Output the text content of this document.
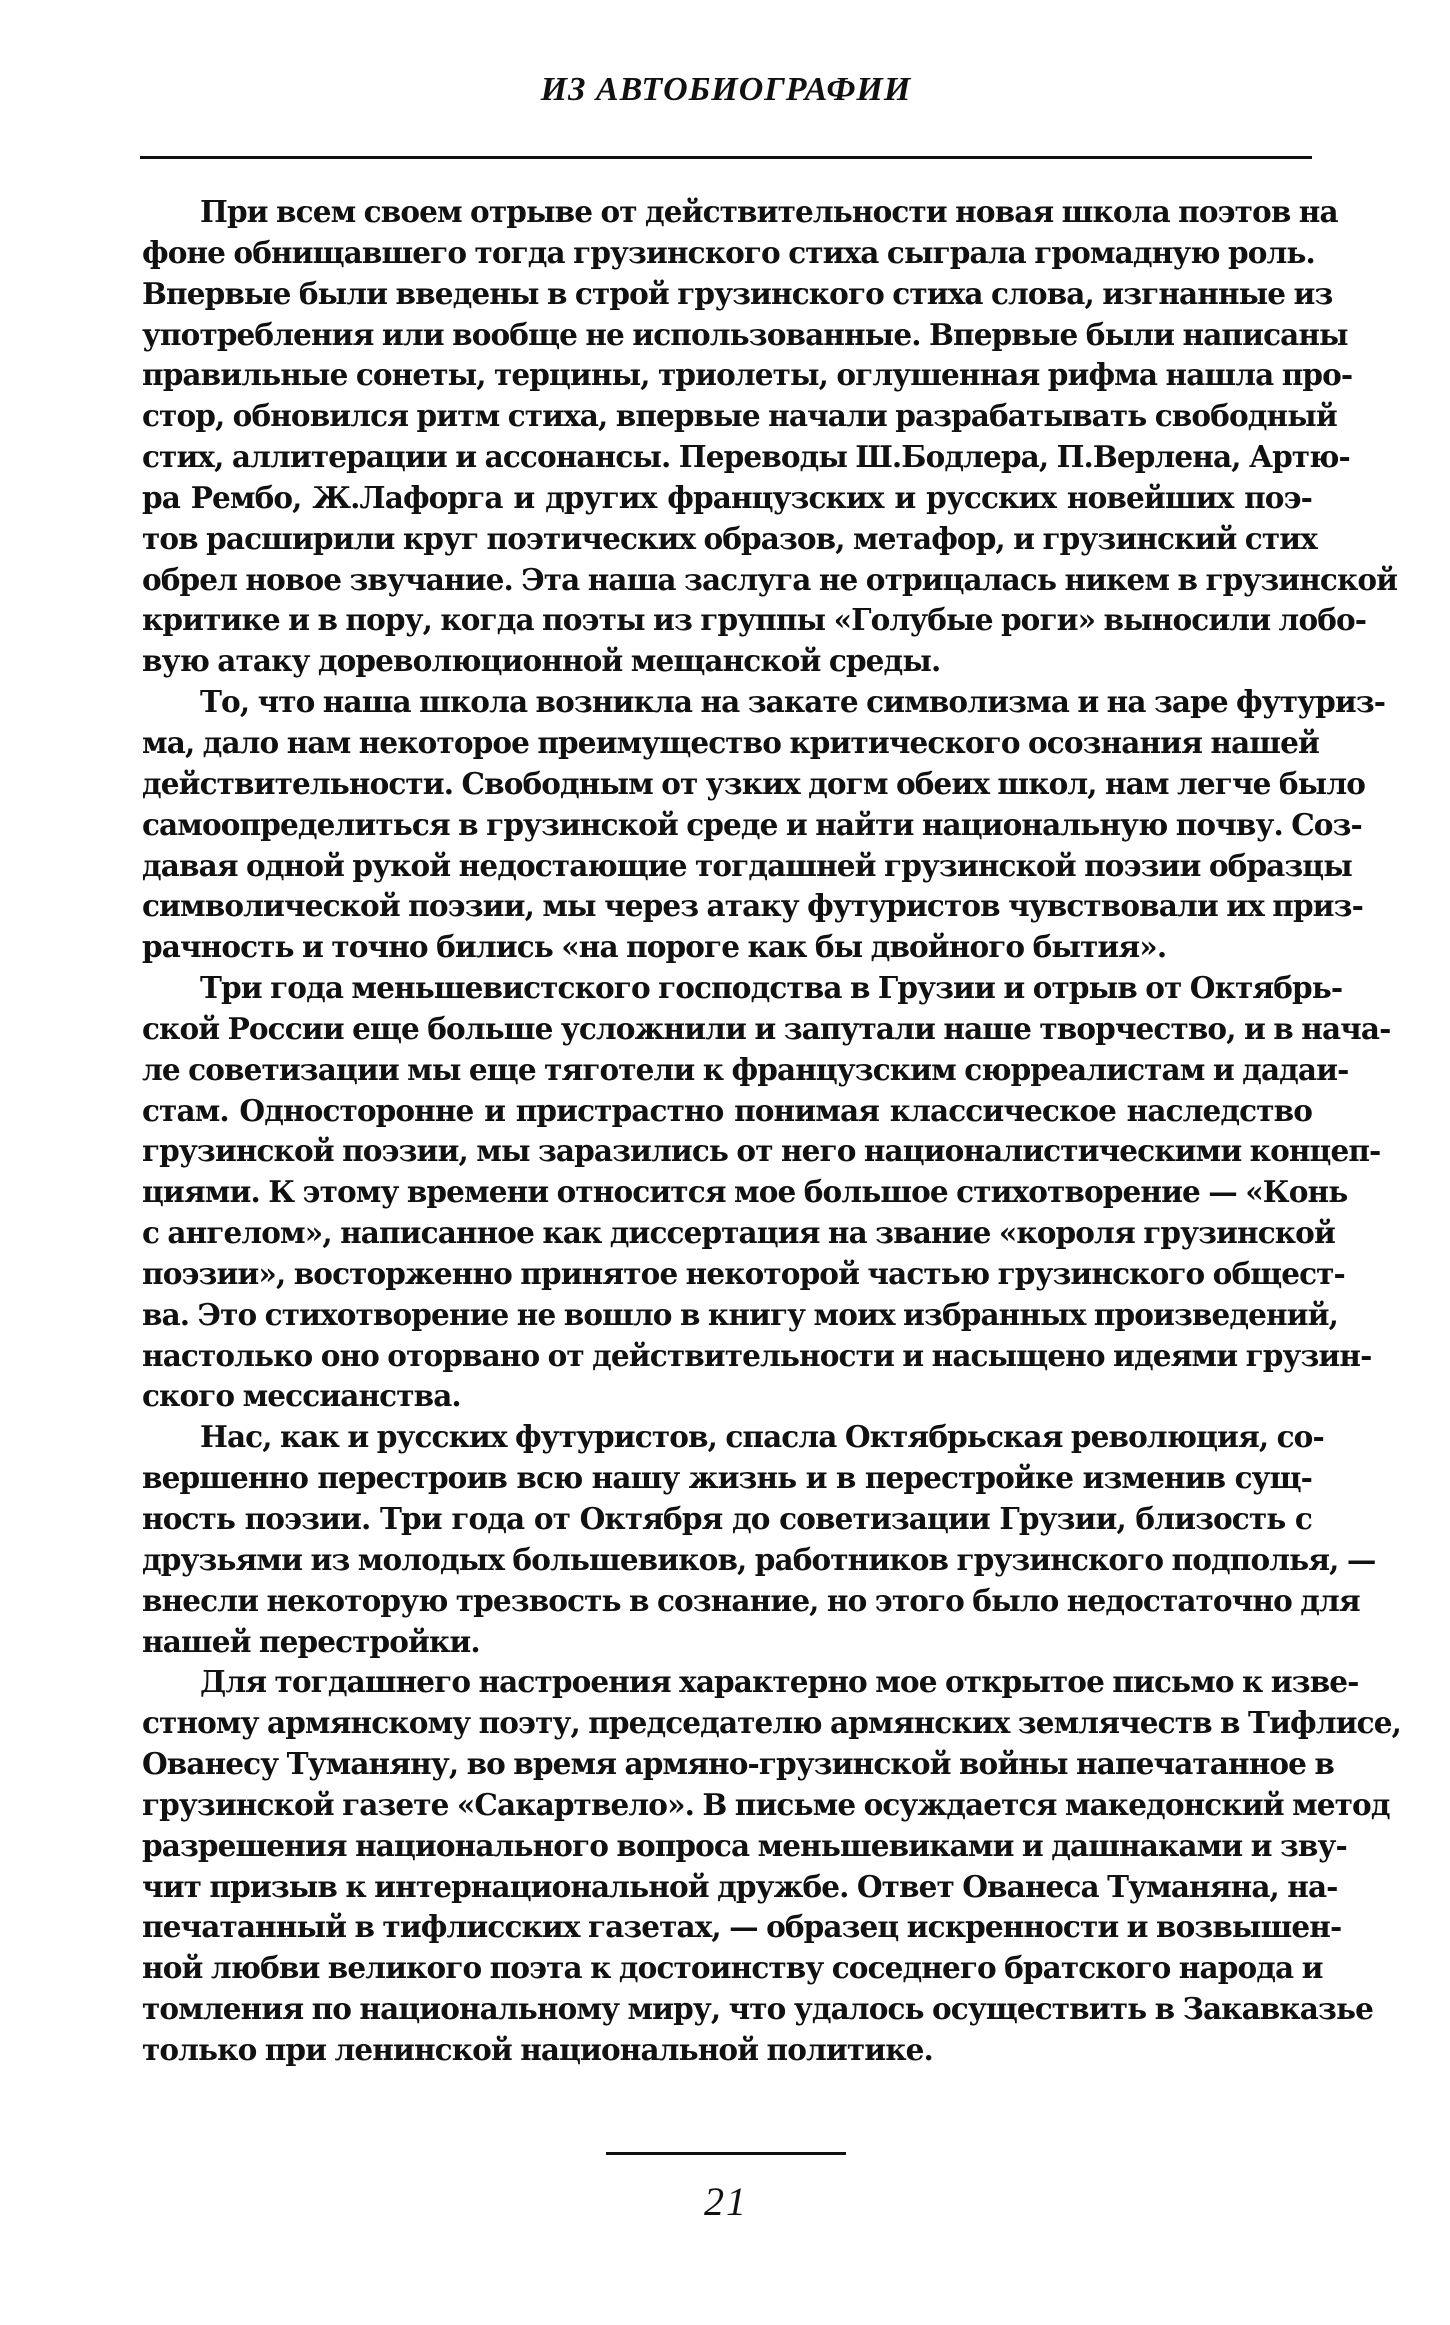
ИЗ АВТОБИОГРАФИИ
При всем своем отрыве от действительности новая школа поэтов на
фоне обнищавшего тогда грузинского стиха сыграла громадную роль.
Впервые были введены в строй грузинского стиха слова, изгнанные из
употребления или вообще не использованные. Впервые были написаны
правильные сонеты, терцины, триолеты, оглушенная рифма нашла про-
стор, обновился ритм стиха, впервые начали разрабатывать свободный
стих, аллитерации и ассонансы. Переводы Ш.Бодлера, П.Верлена, Артю-
ра Рембо, Ж.Лафорга и других французских и русских новейших поэ-
тов расширили круг поэтических образов, метафор, и грузинский стих
обрел новое звучание. Эта наша заслуга не отрицалась никем в грузинской
критике и в пору, когда поэты из группы «Голубые роги» выносили лобо-
вую атаку дореволюционной мещанской среды.
То, что наша школа возникла на закате символизма и на заре футуриз-
ма, дало нам некоторое преимущество критического осознания нашей
действительности. Свободным от узких догм обеих школ, нам легче было
самоопределиться в грузинской среде и найти национальную почву. Соз-
давая одной рукой недостающие тогдашней грузинской поэзии образцы
символической поэзии, мы через атаку футуристов чувствовали их приз-
рачность и точно бились «на пороге как бы двойного бытия».
Три года меньшевистского господства в Грузии и отрыв от Октябрь-
ской России еще больше усложнили и запутали наше творчество, и в нача-
ле советизации мы еще тяготели к французским сюрреалистам и дадаи-
стам. Односторонне и пристрастно понимая классическое наследство
грузинской поэзии, мы заразились от него националистическими концеп-
циями. К этому времени относится мое большое стихотворение — «Конь
с ангелом», написанное как диссертация на звание «короля грузинской
поэзии», восторженно принятое некоторой частью грузинского общест-
ва. Это стихотворение не вошло в книгу моих избранных произведений,
настолько оно оторвано от действительности и насыщено идеями грузин-
ского мессианства.
Нас, как и русских футуристов, спасла Октябрьская революция, со-
вершенно перестроив всю нашу жизнь и в перестройке изменив сущ-
ность поэзии. Три года от Октября до советизации Грузии, близость с
друзьями из молодых большевиков, работников грузинского подполья, —
внесли некоторую трезвость в сознание, но этого было недостаточно для
нашей перестройки.
Для тогдашнего настроения характерно мое открытое письмо к изве-
стному армянскому поэту, председателю армянских землячеств в Тифлисе,
Ованесу Туманяну, во время армяно-грузинской войны напечатанное в
грузинской газете «Сакартвело». В письме осуждается македонский метод
разрешения национального вопроса меньшевиками и дашнаками и зву-
чит призыв к интернациональной дружбе. Ответ Ованеса Туманяна, на-
печатанный в тифлисских газетах, — образец искренности и возвышен-
ной любви великого поэта к достоинству соседнего братского народа и
томления по национальному миру, что удалось осуществить в Закавказье
только при ленинской национальной политике.
21
